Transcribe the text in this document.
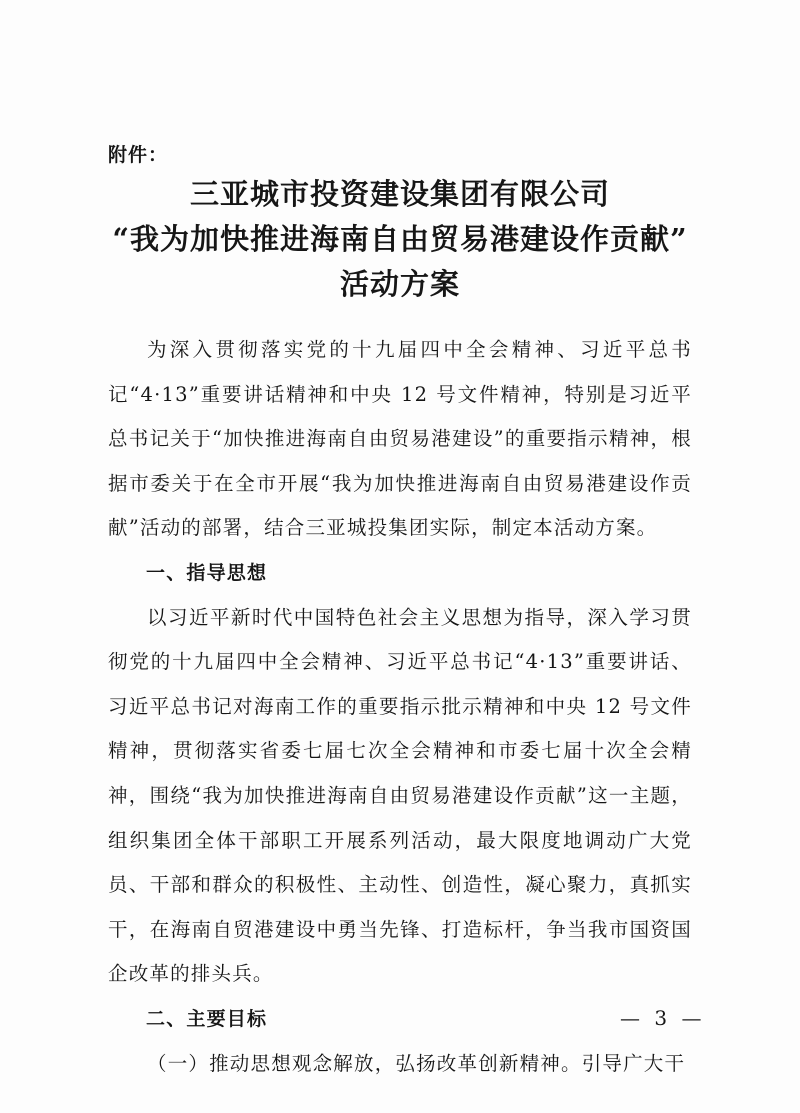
附件：
三亚城市投资建设集团有限公司
“我为加快推进海南自由贸易港建设作贡献”
活动方案

为深入贯彻落实党的十九届四中全会精神、习近平总书记“4·13”重要讲话精神和中央 12 号文件精神，特别是习近平总书记关于“加快推进海南自由贸易港建设”的重要指示精神，根据市委关于在全市开展“我为加快推进海南自由贸易港建设作贡献”活动的部署，结合三亚城投集团实际，制定本活动方案。

一、指导思想

以习近平新时代中国特色社会主义思想为指导，深入学习贯彻党的十九届四中全会精神、习近平总书记“4·13”重要讲话、习近平总书记对海南工作的重要指示批示精神和中央 12 号文件精神，贯彻落实省委七届七次全会精神和市委七届十次全会精神，围绕“我为加快推进海南自由贸易港建设作贡献”这一主题，组织集团全体干部职工开展系列活动，最大限度地调动广大党员、干部和群众的积极性、主动性、创造性，凝心聚力，真抓实干，在海南自贸港建设中勇当先锋、打造标杆，争当我市国资国企改革的排头兵。

二、主要目标

（一）推动思想观念解放，弘扬改革创新精神。引导广大干

— 3 —
